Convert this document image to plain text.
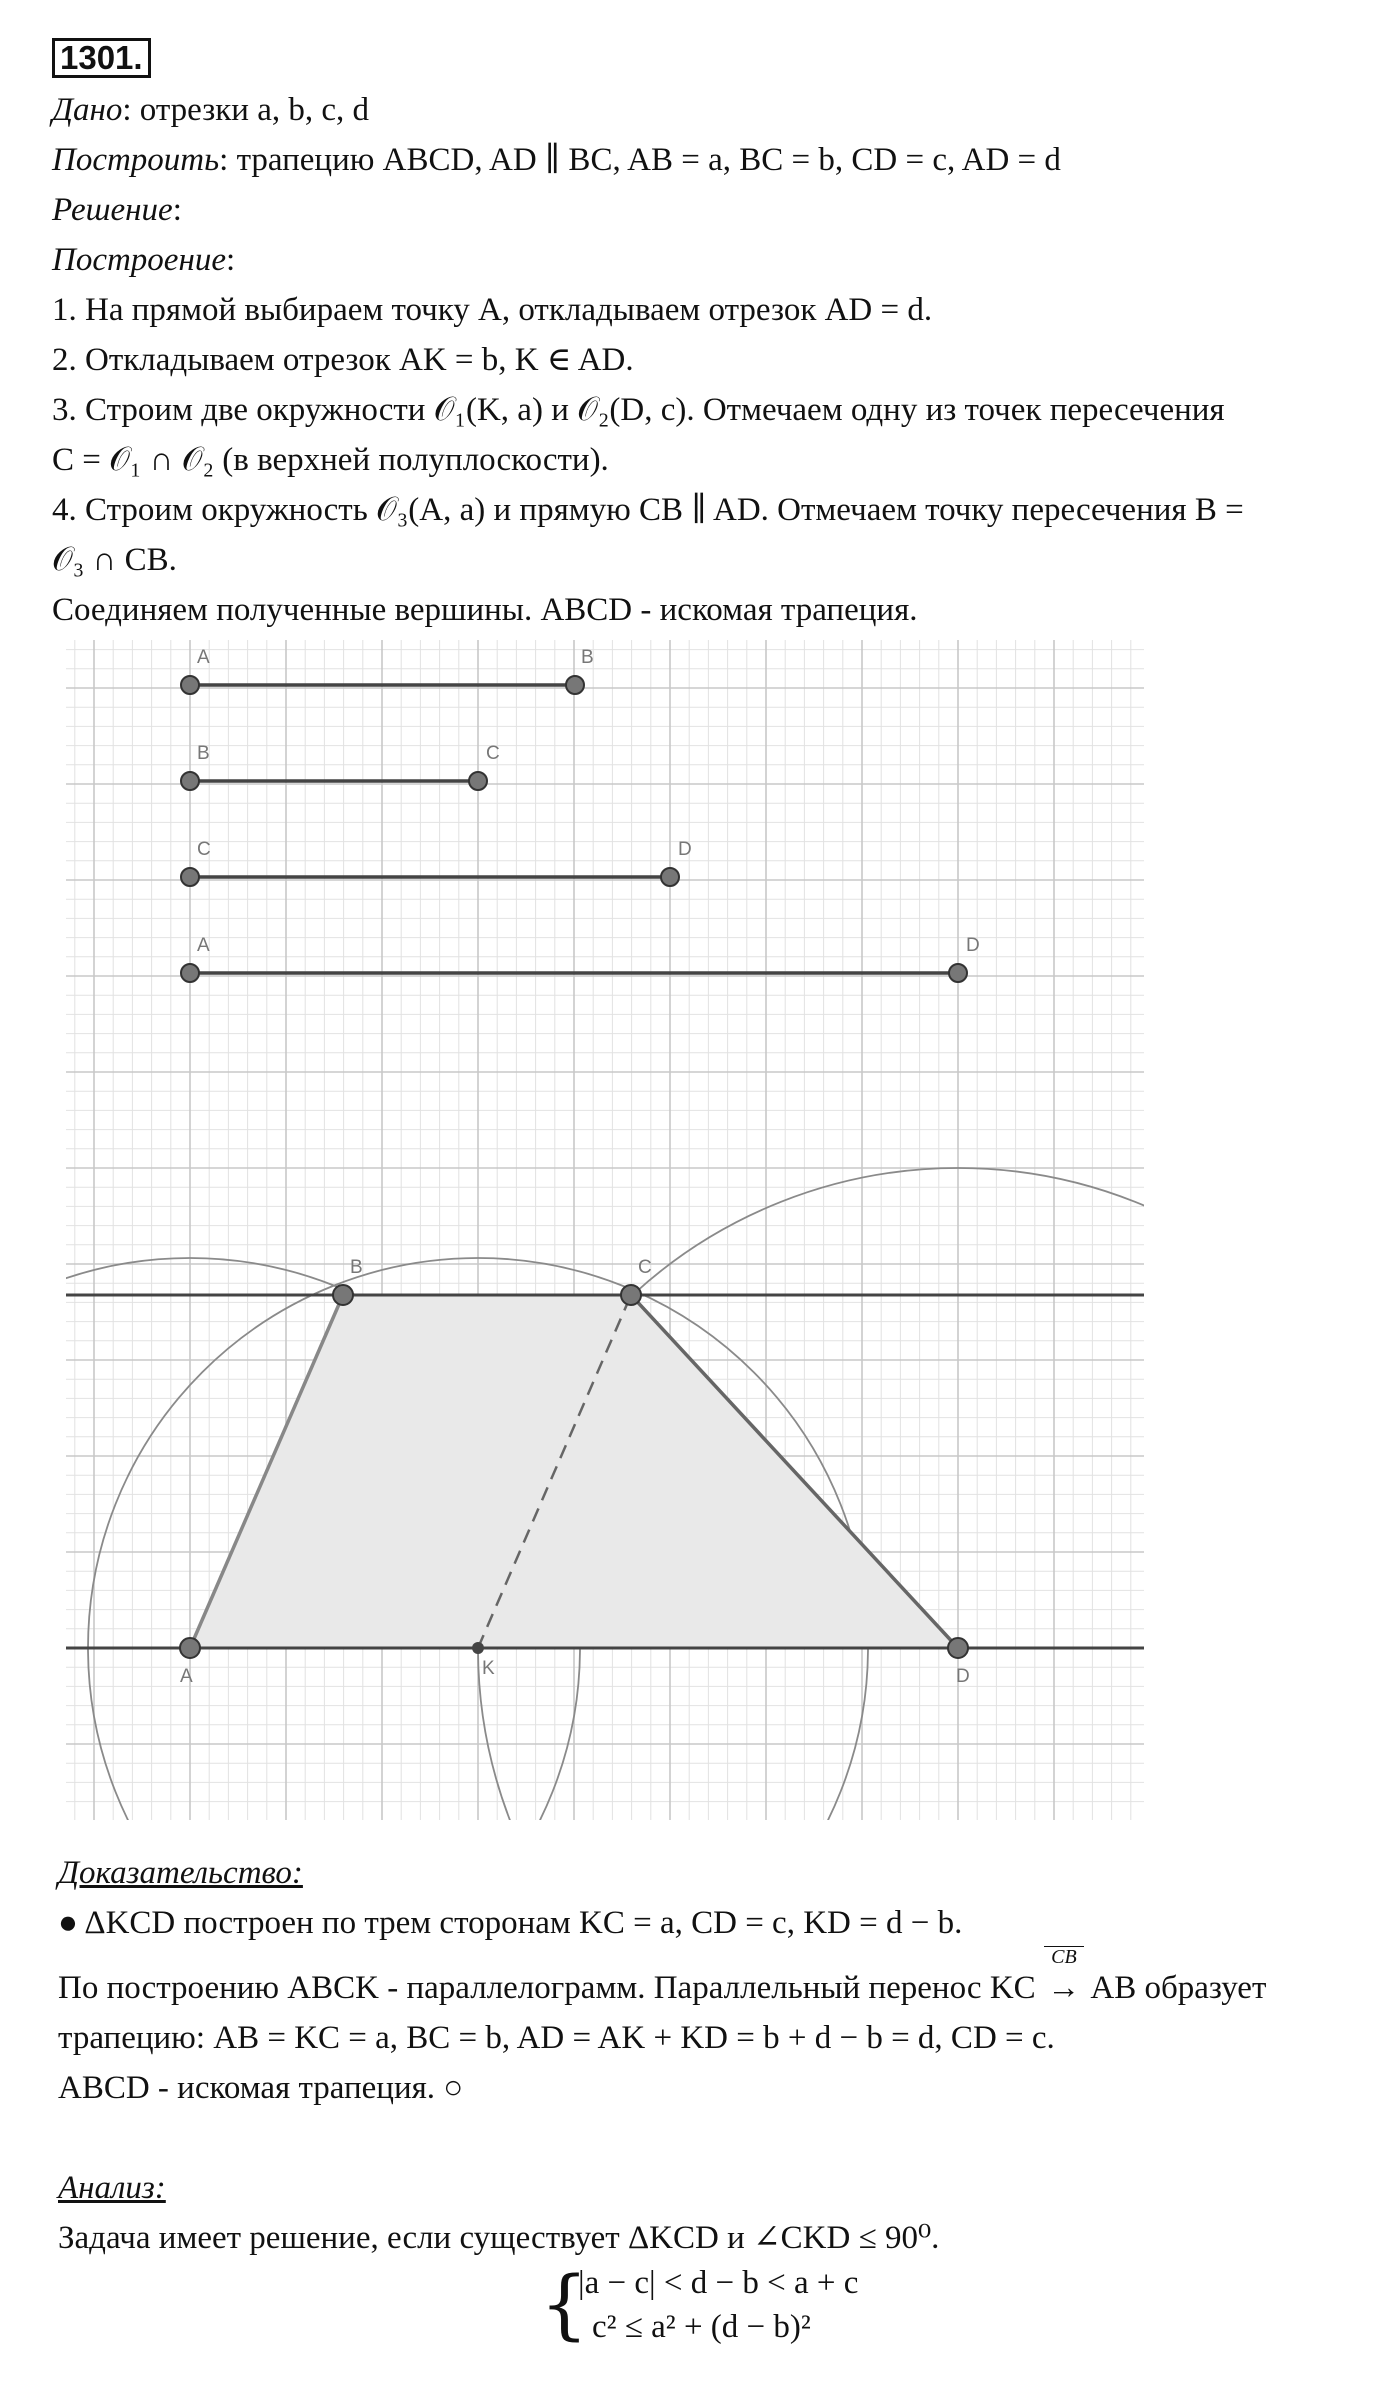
1301.
Дано: отрезки a, b, c, d
Построить: трапецию ABCD, AD ∥ BC, AB = a, BC = b, CD = c, AD = d
Решение:
Построение:
1. На прямой выбираем точку A, откладываем отрезок AD = d.
2. Откладываем отрезок AK = b, K ∈ AD.
3. Строим две окружности 𝒪₁(K, a) и 𝒪₂(D, c). Отмечаем одну из точек пересечения
C = 𝒪₁ ∩ 𝒪₂ (в верхней полуплоскости).
4. Строим окружность 𝒪₃(A, a) и прямую CB ∥ AD. Отмечаем точку пересечения B =
𝒪₃ ∩ CB.
Соединяем полученные вершины. ABCD - искомая трапеция.
A	B
B	C
C	D
A	D
A
B	C
D
K
Доказательство:
● ΔKCD построен по трем сторонам KC = a, CD = c, KD = d − b.
По построению ABCK - параллелограмм. Параллельный перенос KC
CB
→ AB образует
трапецию: AB = KC = a, BC = b, AD = AK + KD = b + d − b = d, CD = c.
ABCD - искомая трапеция. ○
Анализ:
Задача имеет решение, если существует ΔKCD и ∠CKD ≤ 90⁰.
{
|a − c| < d − b < a + c
c² ≤ a² + (d − b)²
